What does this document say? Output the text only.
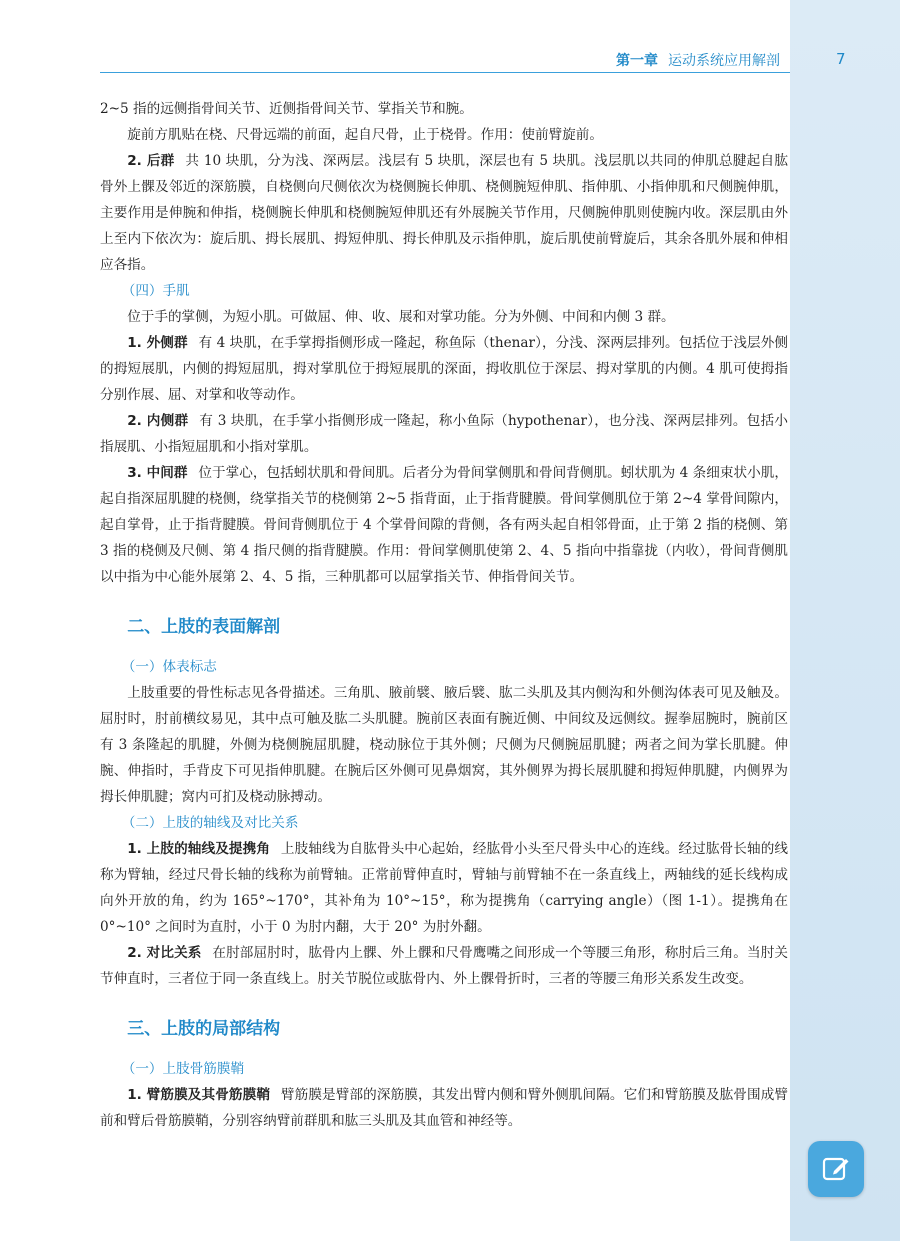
第一章 运动系统应用解剖	7

2~5 指的远侧指骨间关节、近侧指骨间关节、掌指关节和腕。

旋前方肌贴在桡、尺骨远端的前面，起自尺骨，止于桡骨。作用：使前臂旋前。

2. 后群 共 10 块肌，分为浅、深两层。浅层有 5 块肌，深层也有 5 块肌。浅层肌以共同的伸肌总腱起自肱骨外上髁及邻近的深筋膜，自桡侧向尺侧依次为桡侧腕长伸肌、桡侧腕短伸肌、指伸肌、小指伸肌和尺侧腕伸肌，主要作用是伸腕和伸指，桡侧腕长伸肌和桡侧腕短伸肌还有外展腕关节作用，尺侧腕伸肌则使腕内收。深层肌由外上至内下依次为：旋后肌、拇长展肌、拇短伸肌、拇长伸肌及示指伸肌，旋后肌使前臂旋后，其余各肌外展和伸相应各指。

（四）手肌

位于手的掌侧，为短小肌。可做屈、伸、收、展和对掌功能。分为外侧、中间和内侧 3 群。

1. 外侧群 有 4 块肌，在手掌拇指侧形成一隆起，称鱼际（thenar），分浅、深两层排列。包括位于浅层外侧的拇短展肌，内侧的拇短屈肌，拇对掌肌位于拇短展肌的深面，拇收肌位于深层、拇对掌肌的内侧。4 肌可使拇指分别作展、屈、对掌和收等动作。

2. 内侧群 有 3 块肌，在手掌小指侧形成一隆起，称小鱼际（hypothenar），也分浅、深两层排列。包括小指展肌、小指短屈肌和小指对掌肌。

3. 中间群 位于掌心，包括蚓状肌和骨间肌。后者分为骨间掌侧肌和骨间背侧肌。蚓状肌为 4 条细束状小肌，起自指深屈肌腱的桡侧，绕掌指关节的桡侧第 2~5 指背面，止于指背腱膜。骨间掌侧肌位于第 2~4 掌骨间隙内，起自掌骨，止于指背腱膜。骨间背侧肌位于 4 个掌骨间隙的背侧，各有两头起自相邻骨面，止于第 2 指的桡侧、第 3 指的桡侧及尺侧、第 4 指尺侧的指背腱膜。作用：骨间掌侧肌使第 2、4、5 指向中指靠拢（内收），骨间背侧肌以中指为中心能外展第 2、4、5 指，三种肌都可以屈掌指关节、伸指骨间关节。

二、上肢的表面解剖
（一）体表标志

上肢重要的骨性标志见各骨描述。三角肌、腋前襞、腋后襞、肱二头肌及其内侧沟和外侧沟体表可见及触及。屈肘时，肘前横纹易见，其中点可触及肱二头肌腱。腕前区表面有腕近侧、中间纹及远侧纹。握拳屈腕时，腕前区有 3 条隆起的肌腱，外侧为桡侧腕屈肌腱，桡动脉位于其外侧；尺侧为尺侧腕屈肌腱；两者之间为掌长肌腱。伸腕、伸指时，手背皮下可见指伸肌腱。在腕后区外侧可见鼻烟窝，其外侧界为拇长展肌腱和拇短伸肌腱，内侧界为拇长伸肌腱；窝内可扪及桡动脉搏动。

（二）上肢的轴线及对比关系

1. 上肢的轴线及提携角 上肢轴线为自肱骨头中心起始，经肱骨小头至尺骨头中心的连线。经过肱骨长轴的线称为臂轴，经过尺骨长轴的线称为前臂轴。正常前臂伸直时，臂轴与前臂轴不在一条直线上，两轴线的延长线构成向外开放的角，约为 165°~170°，其补角为 10°~15°，称为提携角（carrying angle）（图 1-1）。提携角在 0°~10° 之间时为直肘，小于 0 为肘内翻，大于 20° 为肘外翻。

2. 对比关系 在肘部屈肘时，肱骨内上髁、外上髁和尺骨鹰嘴之间形成一个等腰三角形，称肘后三角。当肘关节伸直时，三者位于同一条直线上。肘关节脱位或肱骨内、外上髁骨折时，三者的等腰三角形关系发生改变。

三、上肢的局部结构
（一）上肢骨筋膜鞘

1. 臂筋膜及其骨筋膜鞘 臂筋膜是臂部的深筋膜，其发出臂内侧和臂外侧肌间隔。它们和臂筋膜及肱骨围成臂前和臂后骨筋膜鞘，分别容纳臂前群肌和肱三头肌及其血管和神经等。
